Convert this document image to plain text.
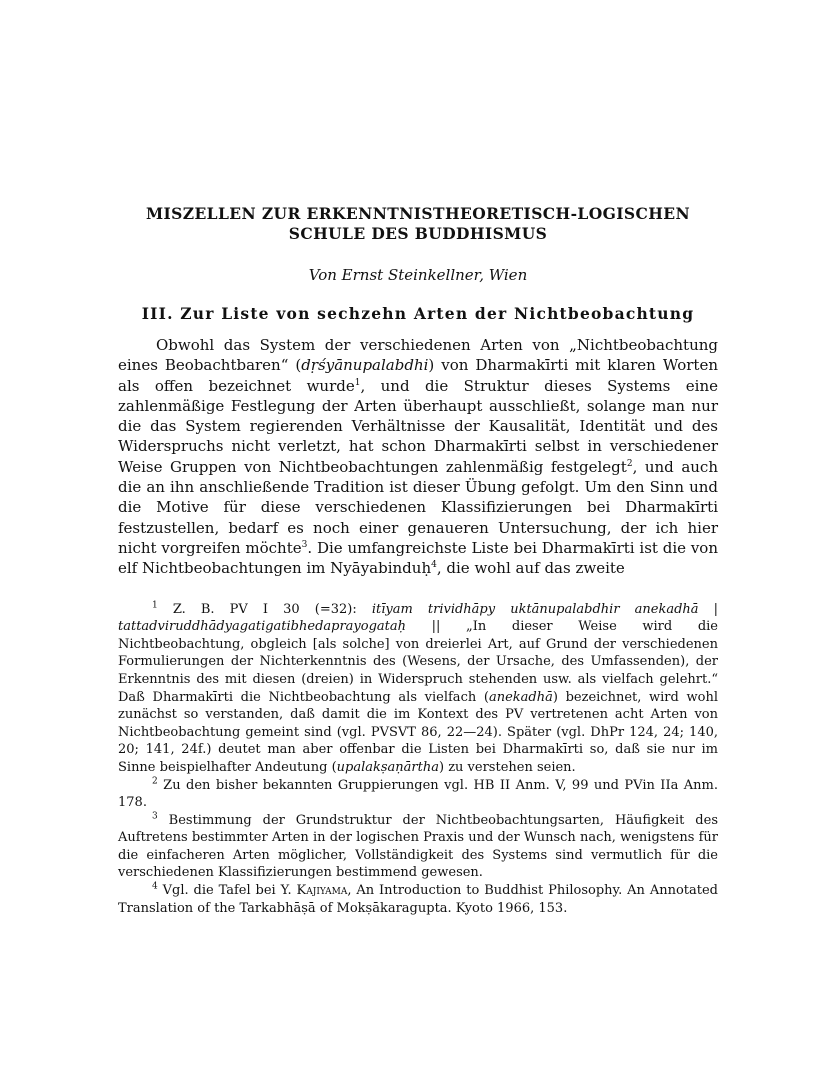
MISZELLEN ZUR ERKENNTNISTHEORETISCH-LOGISCHEN
SCHULE DES BUDDHISMUS

Von Ernst Steinkellner, Wien

III. Zur Liste von sechzehn Arten der Nichtbeobachtung

Obwohl das System der verschiedenen Arten von „Nichtbeobachtung eines Beobachtbaren“ (dṛśyānupalabdhi) von Dharmakīrti mit klaren Worten als offen bezeichnet wurde$^1$, und die Struktur dieses Systems eine zahlenmäßige Festlegung der Arten überhaupt ausschließt, solange man nur die das System regierenden Verhältnisse der Kausalität, Identität und des Widerspruchs nicht verletzt, hat schon Dharmakīrti selbst in verschiedener Weise Gruppen von Nichtbeobachtungen zahlenmäßig festgelegt$^2$, und auch die an ihn anschließende Tradition ist dieser Übung gefolgt. Um den Sinn und die Motive für diese verschiedenen Klassifizierungen bei Dharmakīrti festzustellen, bedarf es noch einer genaueren Untersuchung, der ich hier nicht vorgreifen möchte$^3$. Die umfangreichste Liste bei Dharmakīrti ist die von elf Nichtbeobachtungen im Nyāyabinduḥ$^4$, die wohl auf das zweite

$^1$ Z. B. PV I 30 (=32): itīyam trividhāpy uktānupalabdhir anekadhā | tattadviruddhādyagatigatibhedaprayogataḥ || „In dieser Weise wird die Nichtbeobachtung, obgleich [als solche] von dreierlei Art, auf Grund der verschiedenen Formulierungen der Nichterkenntnis des (Wesens, der Ursache, des Umfassenden), der Erkenntnis des mit diesen (dreien) in Widerspruch stehenden usw. als vielfach gelehrt.“ Daß Dharmakīrti die Nichtbeobachtung als vielfach (anekadhā) bezeichnet, wird wohl zunächst so verstanden, daß damit die im Kontext des PV vertretenen acht Arten von Nichtbeobachtung gemeint sind (vgl. PVSVT 86, 22—24). Später (vgl. DhPr 124, 24; 140, 20; 141, 24f.) deutet man aber offenbar die Listen bei Dharmakīrti so, daß sie nur im Sinne beispielhafter Andeutung (upalakṣaṇārtha) zu verstehen seien.

$^2$ Zu den bisher bekannten Gruppierungen vgl. HB II Anm. V, 99 und PVin IIa Anm. 178.

$^3$ Bestimmung der Grundstruktur der Nichtbeobachtungsarten, Häufigkeit des Auftretens bestimmter Arten in der logischen Praxis und der Wunsch nach, wenigstens für die einfacheren Arten möglicher, Vollständigkeit des Systems sind vermutlich für die verschiedenen Klassifizierungen bestimmend gewesen.

$^4$ Vgl. die Tafel bei Y. Kajiyama, An Introduction to Buddhist Philosophy. An Annotated Translation of the Tarkabhāṣā of Mokṣākaragupta. Kyoto 1966, 153.
